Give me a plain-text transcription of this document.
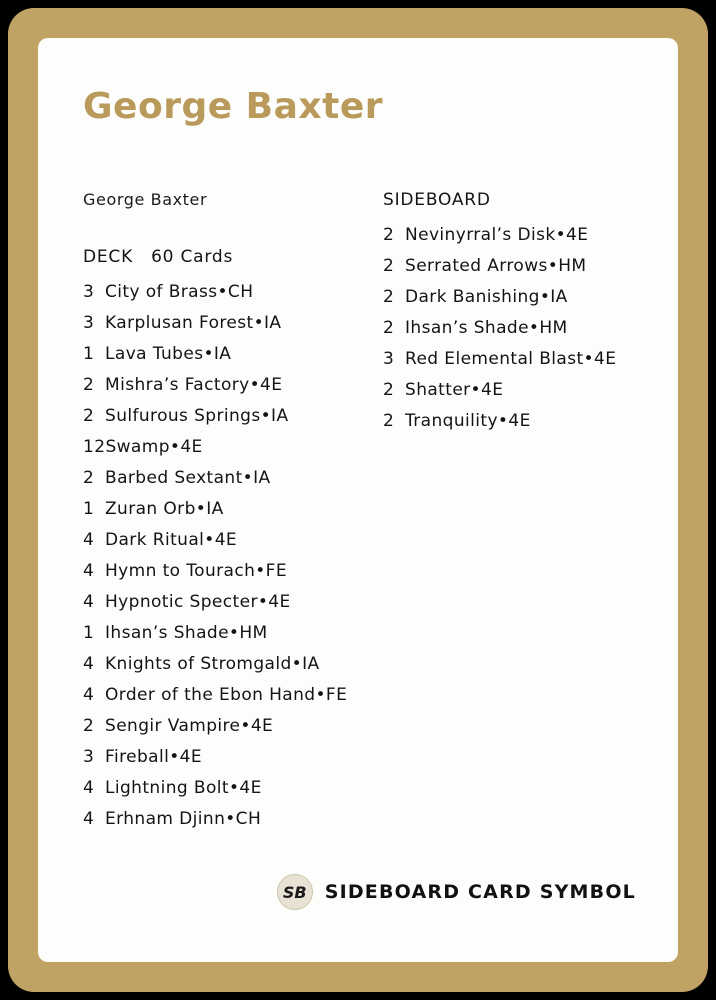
George Baxter
George Baxter
DECK 60 Cards
3 City of Brass•CH
3 Karplusan Forest•IA
1 Lava Tubes•IA
2 Mishra’s Factory•4E
2 Sulfurous Springs•IA
12Swamp•4E
2 Barbed Sextant•IA
1 Zuran Orb•IA
4 Dark Ritual•4E
4 Hymn to Tourach•FE
4 Hypnotic Specter•4E
1 Ihsan’s Shade•HM
4 Knights of Stromgald•IA
4 Order of the Ebon Hand•FE
2 Sengir Vampire•4E
3 Fireball•4E
4 Lightning Bolt•4E
4 Erhnam Djinn•CH
SIDEBOARD
2 Nevinyrral’s Disk•4E
2 Serrated Arrows•HM
2 Dark Banishing•IA
2 Ihsan’s Shade•HM
3 Red Elemental Blast•4E
2 Shatter•4E
2 Tranquility•4E
SB SIDEBOARD CARD SYMBOL
